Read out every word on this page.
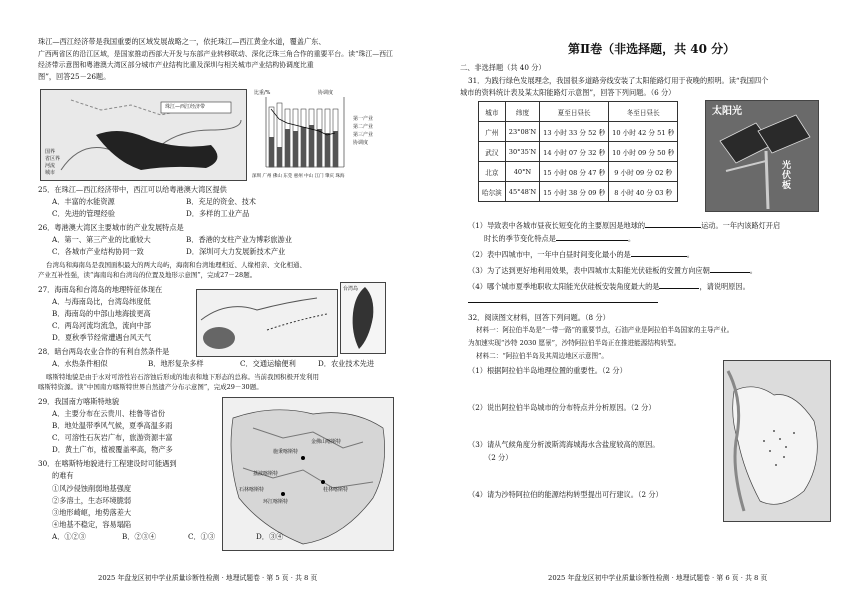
珠江—西江经济带是我国重要的区域发展战略之一，依托珠江—西江黄金水道，覆盖广东、
广西两省区的沿江区域，是国家推动西部大开发与东部产业转移联动、深化泛珠三角合作的重要平台。读“珠江—西江经济带示意图和粤港澳大湾区部分城市产业结构比重及深圳与相关城市产业结构协调度比重
图”，回答25－26题。
珠江—西江经济带
国界
省区界
河流
城市
比重/%	协调度
深圳 广州 佛山 东莞 惠州 中山 江门 肇庆 珠海
第一产业
第二产业
第三产业
协调度
25．在珠江—西江经济带中，西江可以给粤港澳大湾区提供
A．丰富的水能资源	B．充足的资金、技术
C．先进的管理经验	D．多样的工业产品
26．粤港澳大湾区主要城市的产业发展特点是
A．第一、第三产业的比重较大	B．香港的支柱产业为博彩旅游业
C．各城市产业结构协同一致	D．深圳可大力发展新技术产业
台湾岛和海南岛是我国面积最大的两大岛屿，海南和台湾地理相近、人缘相亲、文化相通、
产业互补性强，读“海南岛和台湾岛的位置及地形示意图”，完成27－28题。
27．海南岛和台湾岛的地理特征体现在
A．与海南岛比，台湾岛纬度低
B．海南岛的中部山地海拔更高
C．两岛河流均流急，流向中部
D．夏秋季节经常遭遇台风天气
台湾岛
28．暗台两岛农业合作的有利自然条件是
A．水热条件相似	B．地形复杂多样	C．交通运输便利	D．农业技术先进
喀斯特地貌是由于水对可溶性岩石溶蚀后形成的地表和地下形态的总称。当前我国积极开发利用
喀斯特资源。读“中国南方喀斯特世界自然遗产分布示意图”，完成29－30题。
29．我国南方喀斯特地貌
A．主要分布在云贵川、桂鲁等省份
B．地处温带季风气候，夏季高温多雨
C．可溶性石灰岩广布，旅游资源丰富
D．黄土广布，植被覆盖率高，物产多	施秉喀斯特
荔波喀斯特
金佛山喀斯特
桂林喀斯特
环江喀斯特
石林喀斯特
30．在喀斯特地貌进行工程建设时可能遇到
的难有
①风沙侵蚀削弱地基强度
②多溶土，生态环境脆弱
③地形崎岖，地势落差大
④地基不稳定，容易塌陷
A．①②③	B．②③④	C．①③	D．③④
2025 年盘龙区初中学业质量诊断性检测 · 地理试题卷 · 第 5 页 · 共 8 页
第Ⅱ卷（非选择题，共 40 分）
二、非选择题（共 40 分）
31．为践行绿色发展理念，我国很多道路旁线安装了太阳能路灯用于夜晚的照明。读“我国四个
城市的资料统计表及某太阳能路灯示意图”，回答下列问题。（6 分）
城市	纬度	夏至日昼长	冬至日昼长
广州	23°08′N	13 小时 33 分 52 秒	10 小时 42 分 51 秒
武汉	30°35′N	14 小时 07 分 32 秒	10 小时 09 分 50 秒
北京	40°N	15 小时 08 分 47 秒	9 小时 09 分 02 秒
哈尔滨	45°48′N	15 小时 38 分 09 秒	8 小时 40 分 03 秒
太阳光
光伏板
（1）导致表中各城市昼夜长短变化的主要原因是地球的	运动。一年内该路灯开启
时长的季节变化特点是	。
（2）表中四城市中，一年中白昼时间变化最小的是	。
（3）为了达到更好地利用效果，表中四城市太阳能光伏硅板的安置方向应朝	。
（4）哪个城市夏季地职收太阳能光伏硅板安装角度最大的是	，请说明原因。
32．阅读图文材料，回答下列问题。（8 分）
材料一：阿拉伯半岛是“一带一路”的重要节点，石油产业是阿拉伯半岛国家的主导产业。
为加速实现“沙特 2030 愿景”，沙特阿拉伯半岛正在推进能源结构转型。
材料二：“阿拉伯半岛及其周边地区示意图”。
（1）根据阿拉伯半岛地理位置的重要性。（2 分）
（2）说出阿拉伯半岛城市的分布特点并分析原因。（2 分）
（3）请从气候角度分析波斯湾海城海水含盐度较高的原因。
（2 分）
（4）请为沙特阿拉伯的能源结构转型提出可行建议。（2 分）
2025 年盘龙区初中学业质量诊断性检测 · 地理试题卷 · 第 6 页 · 共 8 页
